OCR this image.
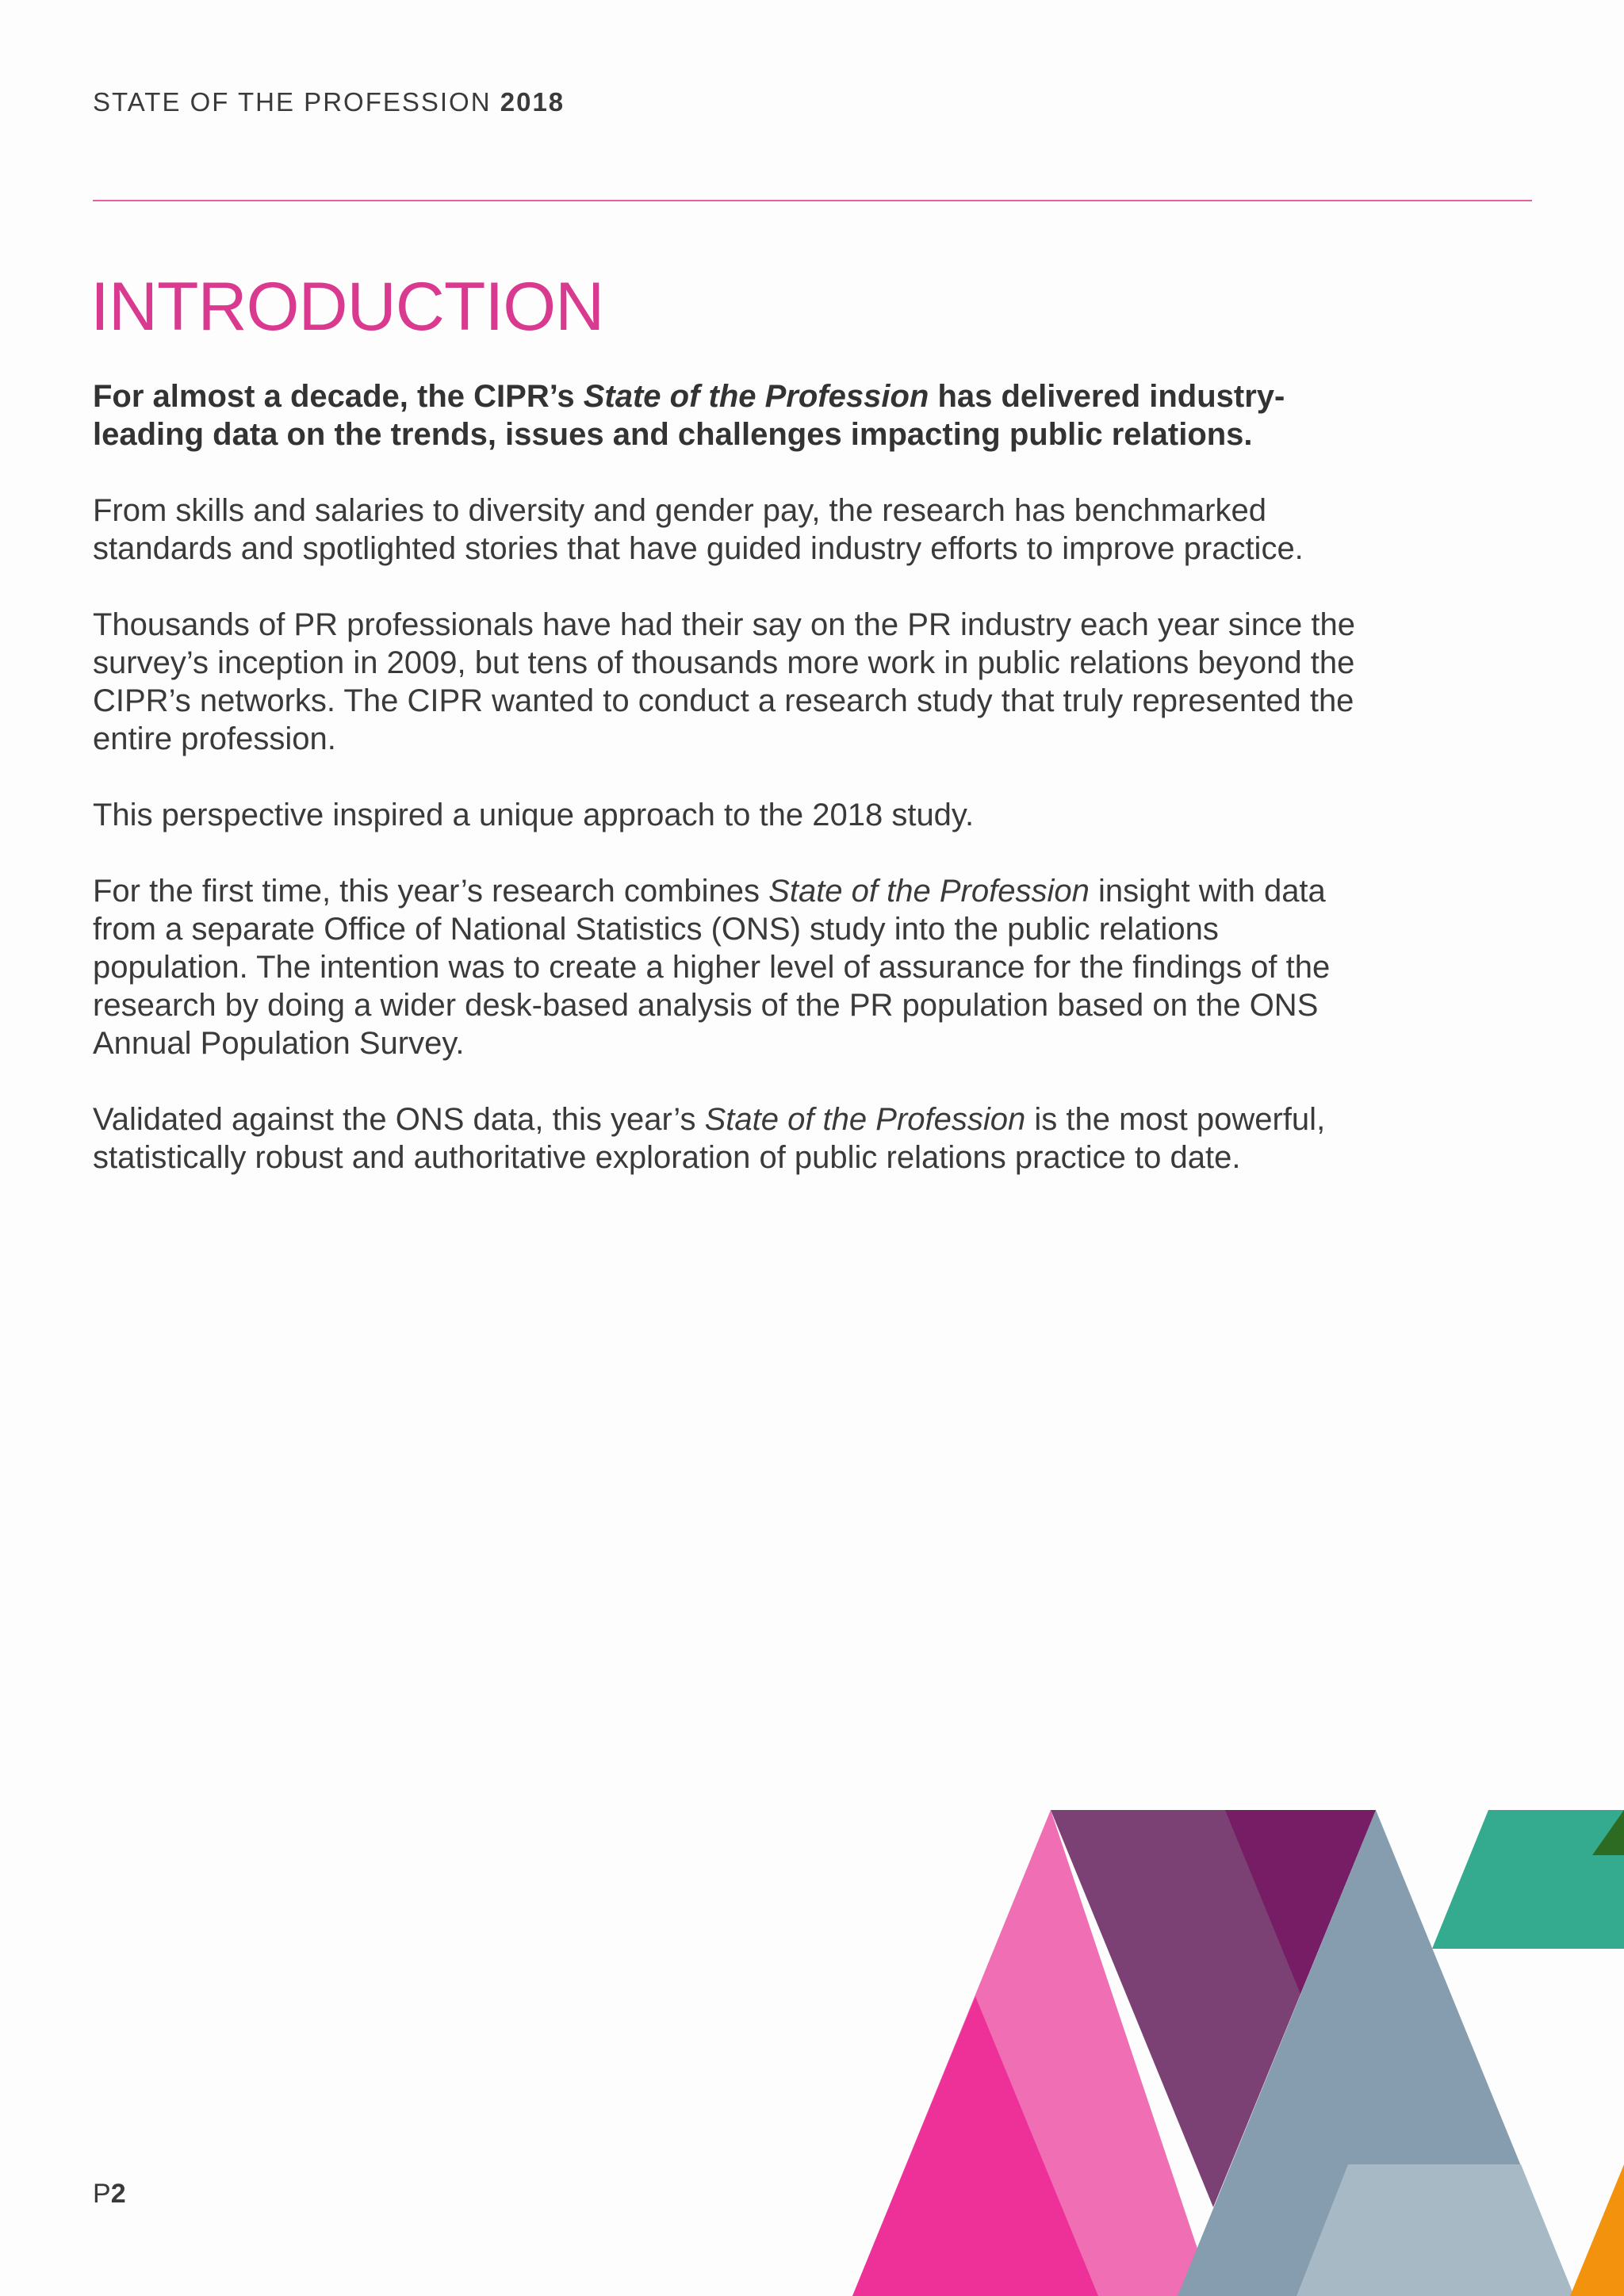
STATE OF THE PROFESSION 2018
INTRODUCTION

For almost a decade, the CIPR’s State of the Profession has delivered industry-leading data on the trends, issues and challenges impacting public relations.

From skills and salaries to diversity and gender pay, the research has benchmarked standards and spotlighted stories that have guided industry efforts to improve practice.

Thousands of PR professionals have had their say on the PR industry each year since the survey’s inception in 2009, but tens of thousands more work in public relations beyond the CIPR’s networks. The CIPR wanted to conduct a research study that truly represented the entire profession.

This perspective inspired a unique approach to the 2018 study.

For the first time, this year’s research combines State of the Profession insight with data from a separate Office of National Statistics (ONS) study into the public relations population. The intention was to create a higher level of assurance for the findings of the research by doing a wider desk-based analysis of the PR population based on the ONS Annual Population Survey.

Validated against the ONS data, this year’s State of the Profession is the most powerful, statistically robust and authoritative exploration of public relations practice to date.

P2
